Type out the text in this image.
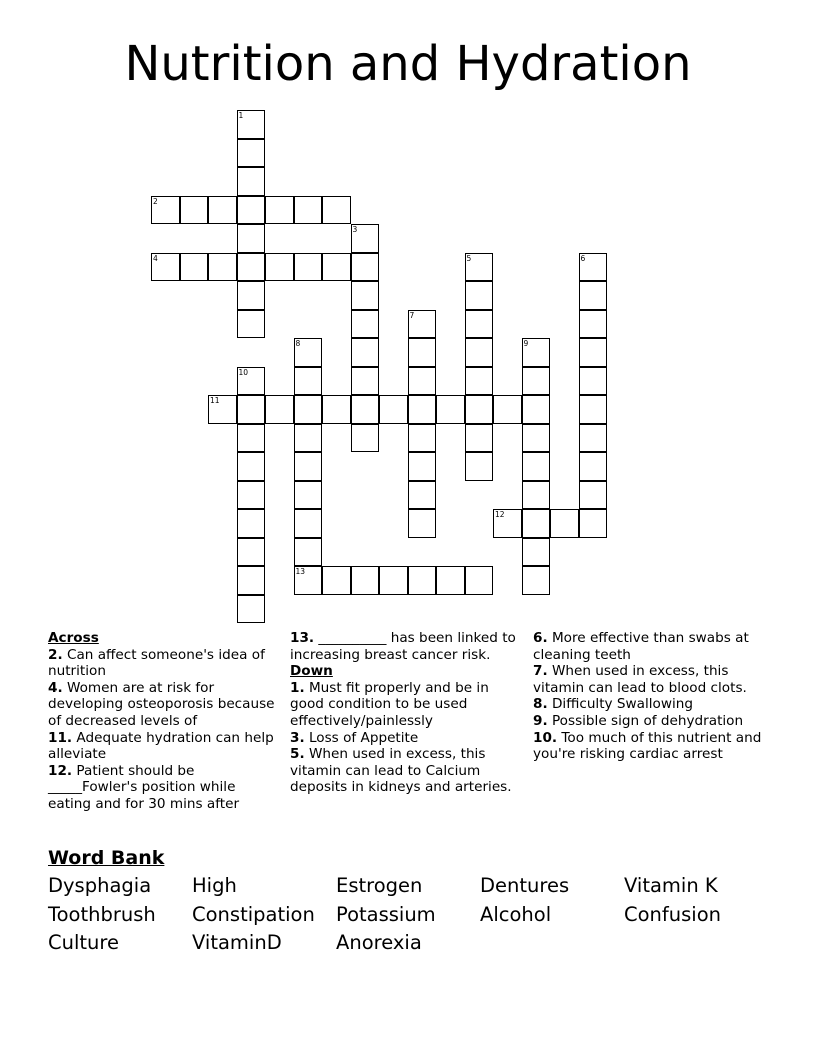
Nutrition and Hydration
1
2
3
4	5	6
7
8
13
9
10
11
12
Across
2. Can affect someone's idea of nutrition
4. Women are at risk for developing osteoporosis because of decreased levels of
11. Adequate hydration can help alleviate
12. Patient should be _____Fowler's position while eating and for 30 mins after
13. __________ has been linked to increasing breast cancer risk.
Down
1. Must fit properly and be in good condition to be used effectively/painlessly
3. Loss of Appetite
5. When used in excess, this vitamin can lead to Calcium deposits in kidneys and arteries.
6. More effective than swabs at cleaning teeth
7. When used in excess, this vitamin can lead to blood clots.
8. Difficulty Swallowing
9. Possible sign of dehydration
10. Too much of this nutrient and you're risking cardiac arrest
Word Bank
Dysphagia	High	Estrogen	Dentures	Vitamin K
Toothbrush	Constipation	Potassium	Alcohol	Confusion
Culture	VitaminD	Anorexia
